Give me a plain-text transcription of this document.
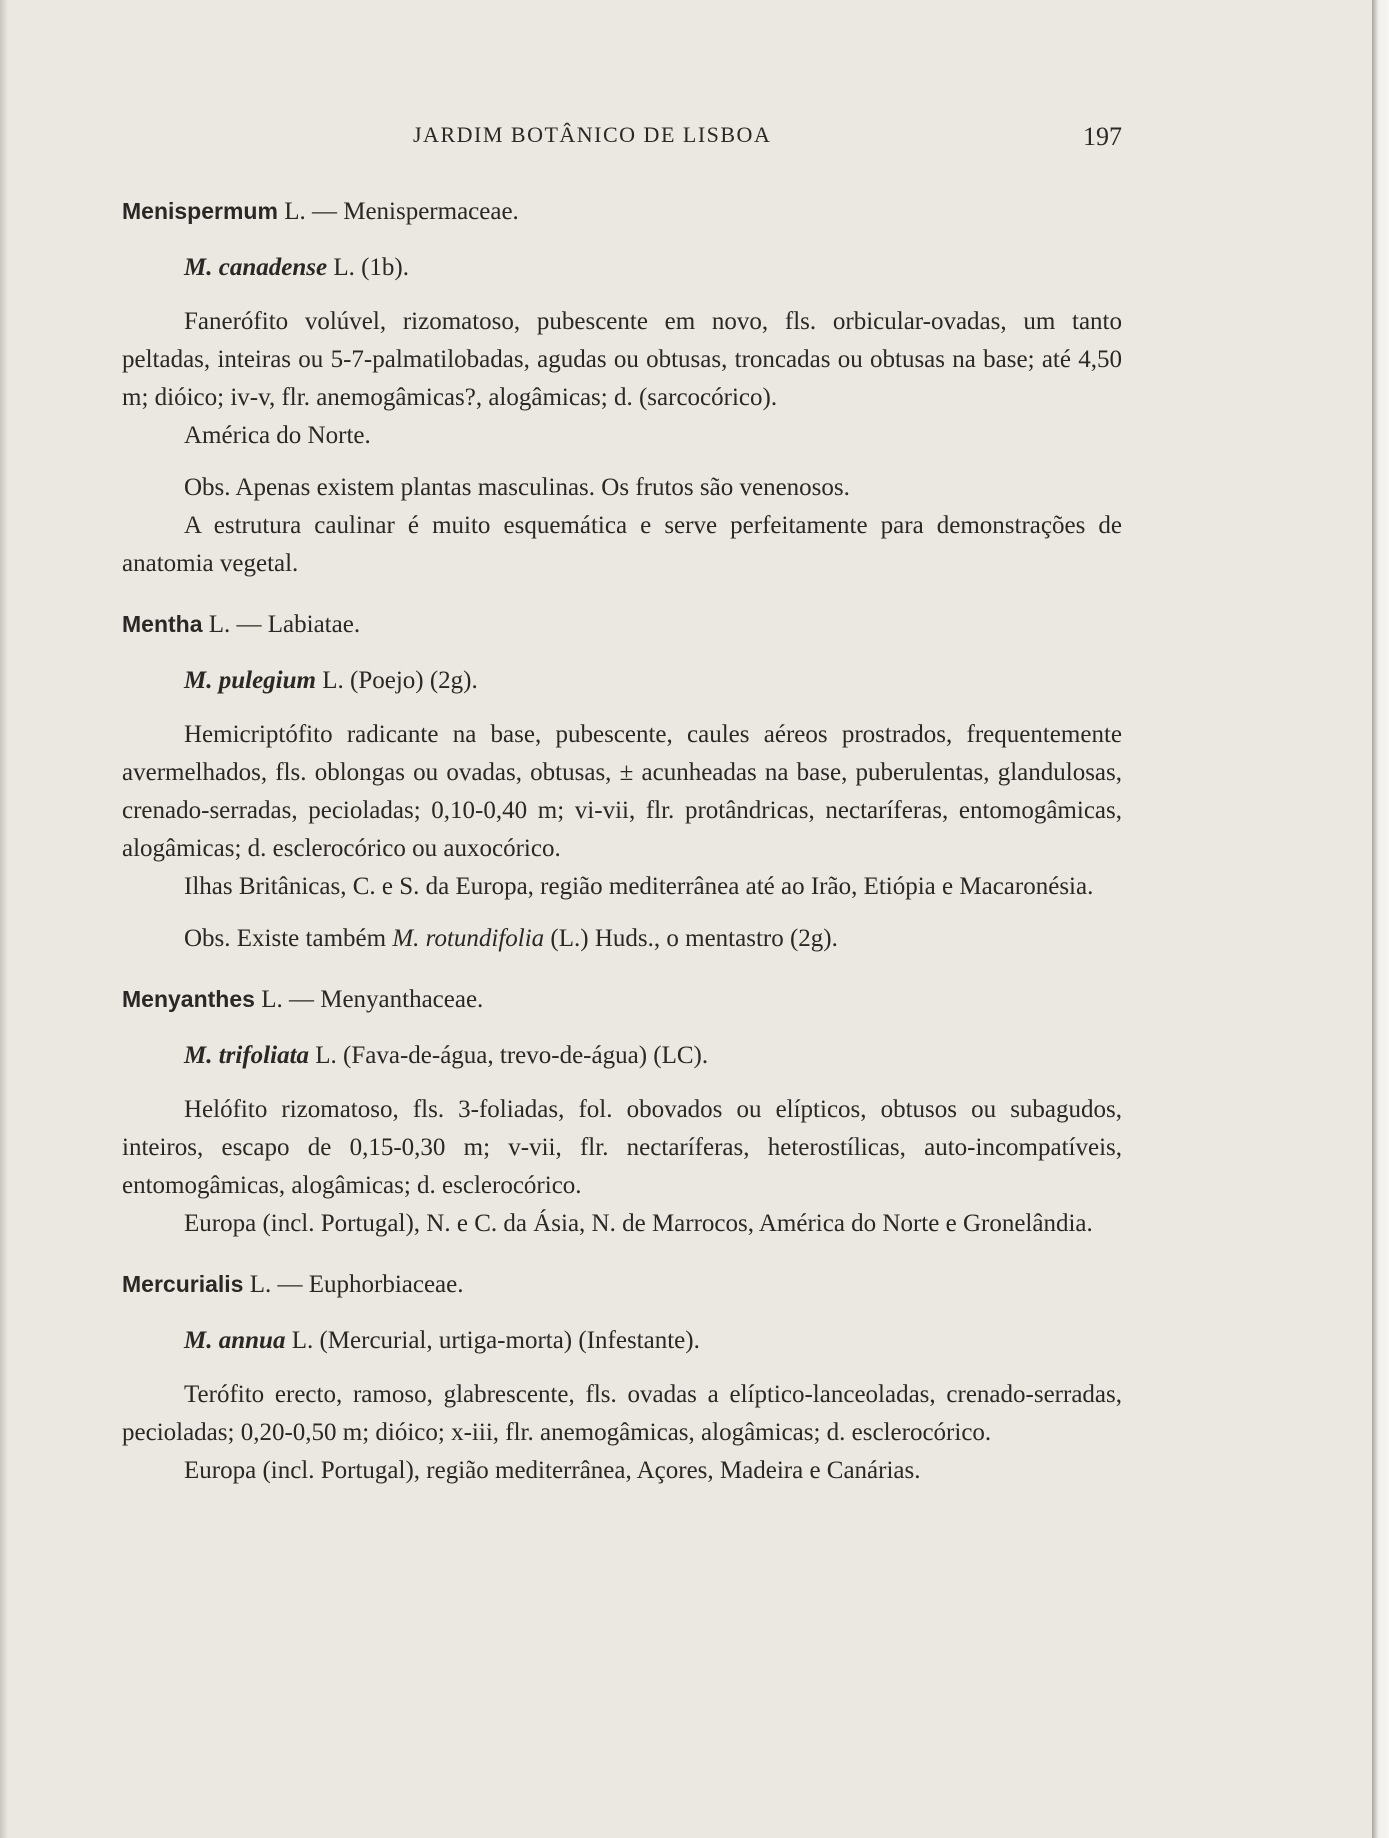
JARDIM BOTÂNICO DE LISBOA	197

Menispermum L. — Menispermaceae.

M. canadense L. (1b).

Fanerófito volúvel, rizomatoso, pubescente em novo, fls. orbicular-ovadas, um tanto peltadas, inteiras ou 5-7-palmatilobadas, agudas ou obtusas, troncadas ou obtusas na base; até 4,50 m; dióico; iv-v, flr. anemogâmicas?, alogâmicas; d. (sarcocórico).

América do Norte.

Obs. Apenas existem plantas masculinas. Os frutos são venenosos.

A estrutura caulinar é muito esquemática e serve perfeitamente para demonstrações de anatomia vegetal.

Mentha L. — Labiatae.

M. pulegium L. (Poejo) (2g).

Hemicriptófito radicante na base, pubescente, caules aéreos prostrados, frequentemente avermelhados, fls. oblongas ou ovadas, obtusas, ± acunheadas na base, puberulentas, glandulosas, crenado-serradas, pecioladas; 0,10-0,40 m; vi-vii, flr. protândricas, nectaríferas, entomogâmicas, alogâmicas; d. esclerocórico ou auxocórico.

Ilhas Britânicas, C. e S. da Europa, região mediterrânea até ao Irão, Etiópia e Macaronésia.

Obs. Existe também M. rotundifolia (L.) Huds., o mentastro (2g).

Menyanthes L. — Menyanthaceae.

M. trifoliata L. (Fava-de-água, trevo-de-água) (LC).

Helófito rizomatoso, fls. 3-foliadas, fol. obovados ou elípticos, obtusos ou subagudos, inteiros, escapo de 0,15-0,30 m; v-vii, flr. nectaríferas, heterostílicas, auto-incompatíveis, entomogâmicas, alogâmicas; d. esclerocórico.

Europa (incl. Portugal), N. e C. da Ásia, N. de Marrocos, América do Norte e Gronelândia.

Mercurialis L. — Euphorbiaceae.

M. annua L. (Mercurial, urtiga-morta) (Infestante).

Terófito erecto, ramoso, glabrescente, fls. ovadas a elíptico-lanceoladas, crenado-serradas, pecioladas; 0,20-0,50 m; dióico; x-iii, flr. anemogâmicas, alogâmicas; d. esclerocórico.

Europa (incl. Portugal), região mediterrânea, Açores, Madeira e Canárias.
